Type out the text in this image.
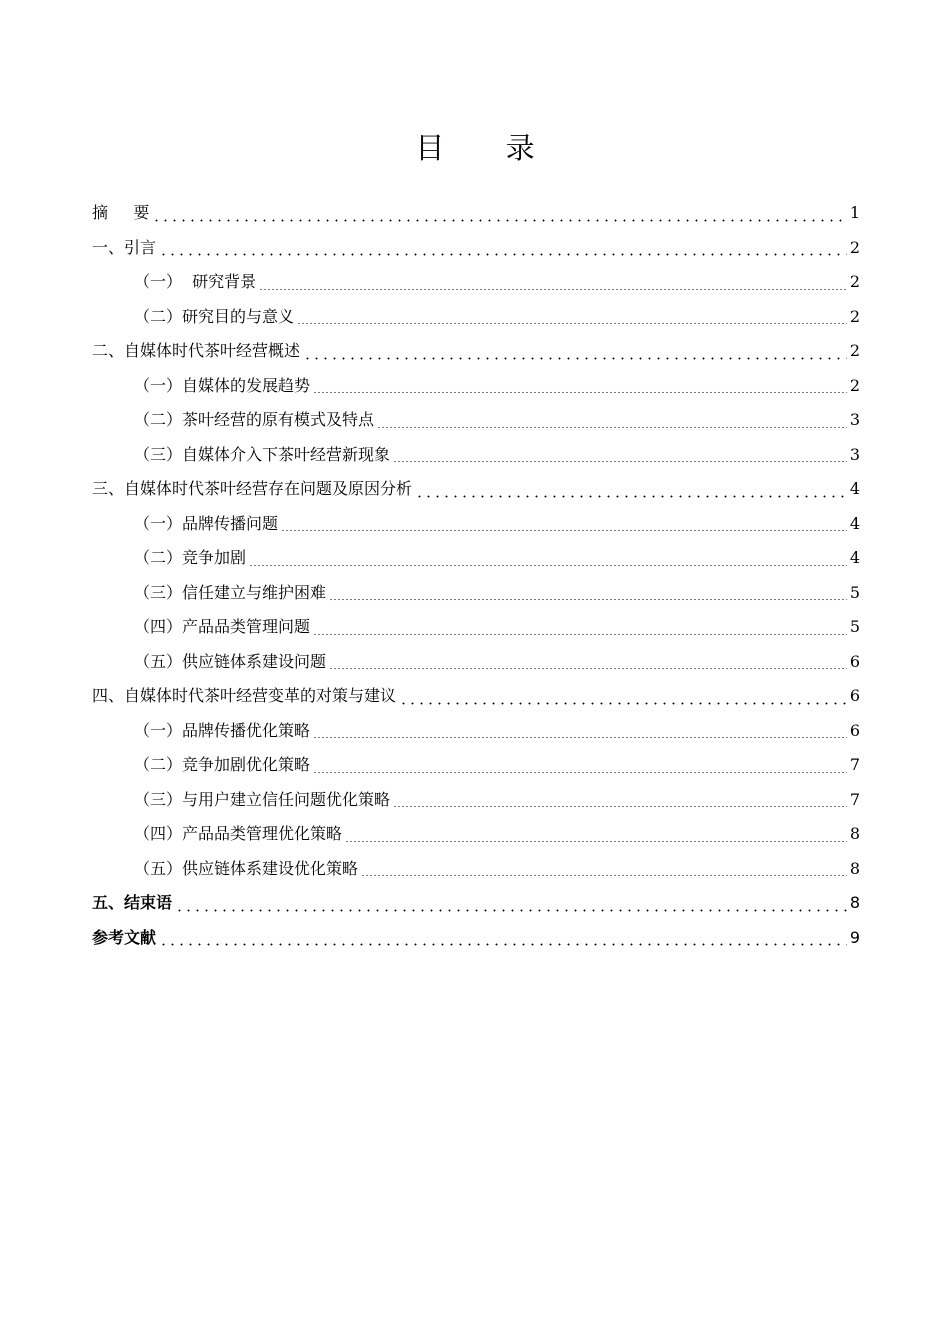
目 录
摘     要	1
一、引言	2
（一）  研究背景	2
（二）研究目的与意义	2
二、自媒体时代茶叶经营概述	2
（一）自媒体的发展趋势	2
（二）茶叶经营的原有模式及特点	3
（三）自媒体介入下茶叶经营新现象	3
三、自媒体时代茶叶经营存在问题及原因分析	4
（一）品牌传播问题	4
（二）竞争加剧	4
（三）信任建立与维护困难	5
（四）产品品类管理问题	5
（五）供应链体系建设问题	6
四、自媒体时代茶叶经营变革的对策与建议	6
（一）品牌传播优化策略	6
（二）竞争加剧优化策略	7
（三）与用户建立信任问题优化策略	7
（四）产品品类管理优化策略	8
（五）供应链体系建设优化策略	8
五、结束语	8
参考文献	9
